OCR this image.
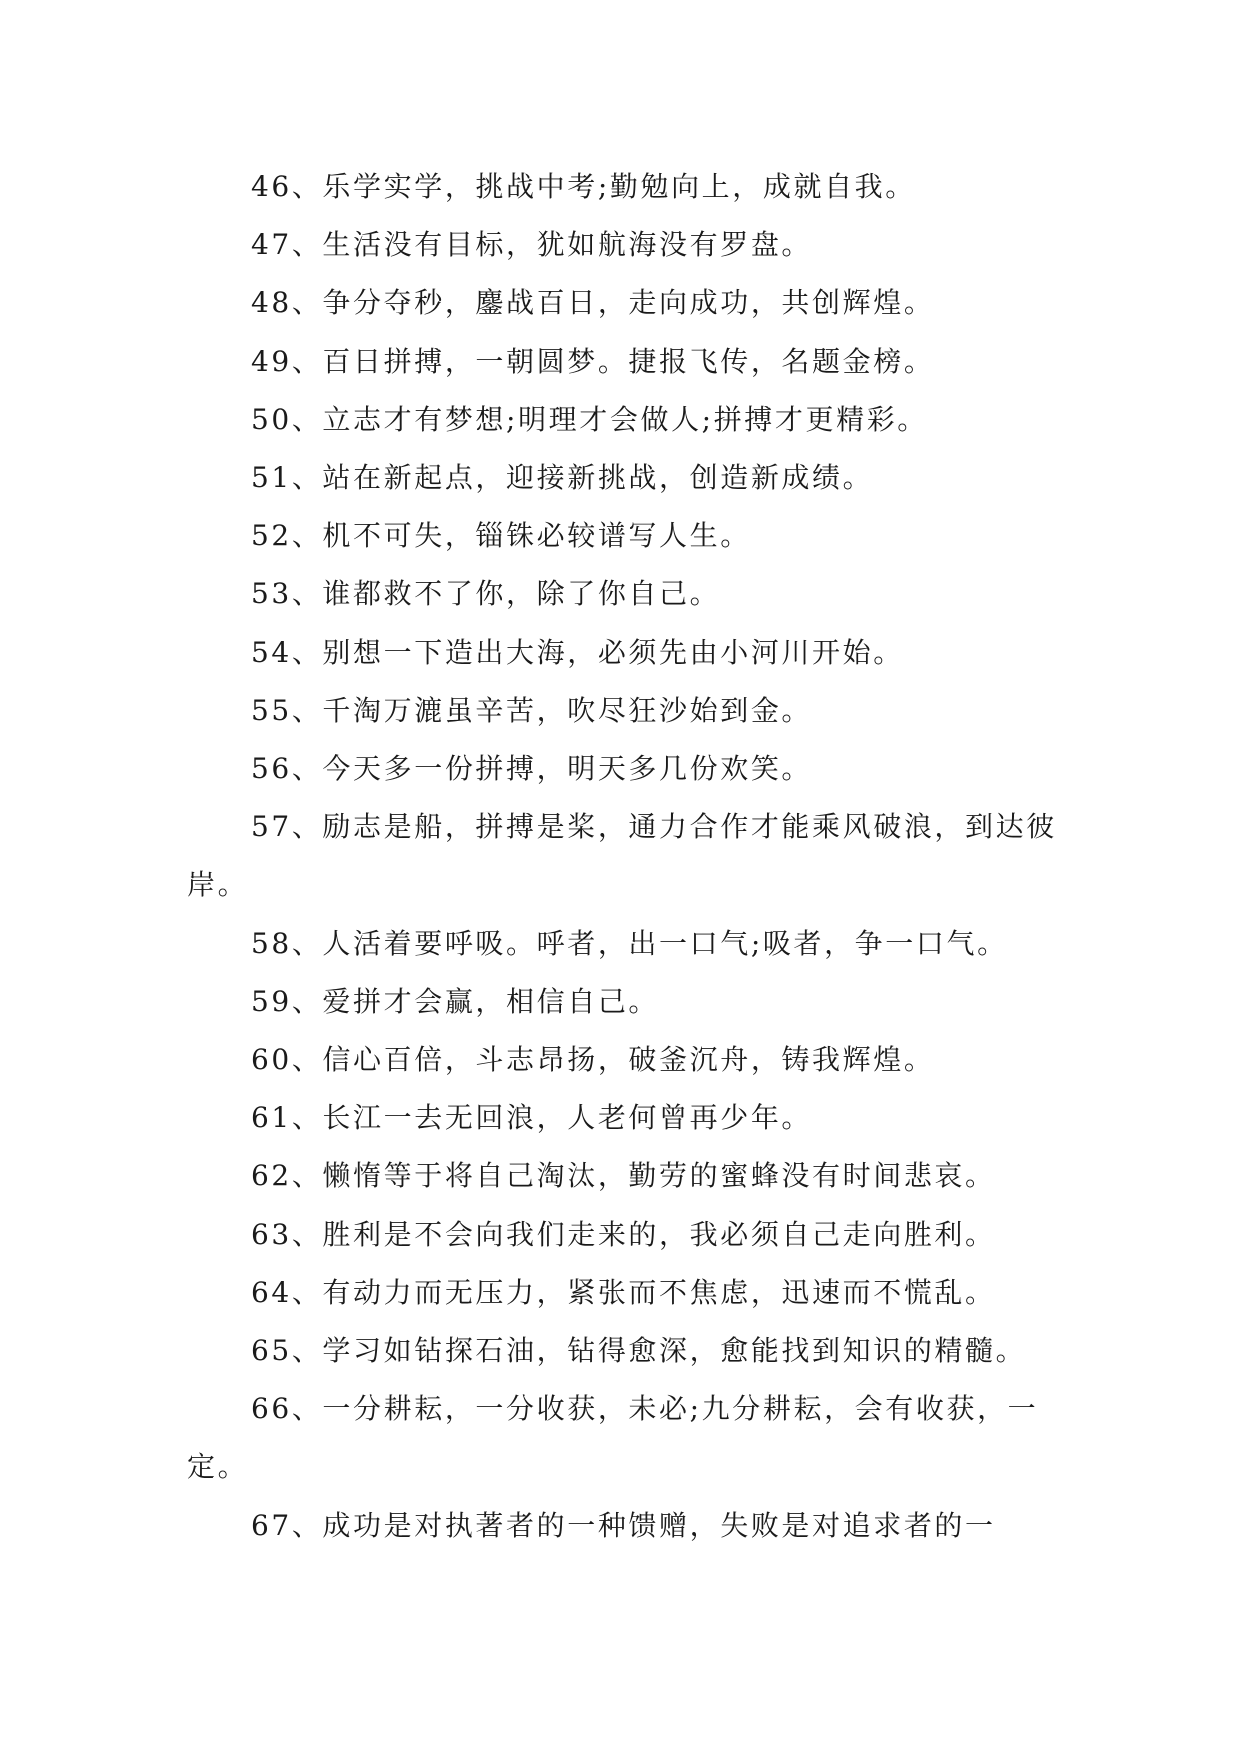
46、乐学实学，挑战中考;勤勉向上，成就自我。

47、生活没有目标，犹如航海没有罗盘。

48、争分夺秒，鏖战百日，走向成功，共创辉煌。

49、百日拼搏，一朝圆梦。捷报飞传，名题金榜。

50、立志才有梦想;明理才会做人;拼搏才更精彩。

51、站在新起点，迎接新挑战，创造新成绩。

52、机不可失，锱铢必较谱写人生。

53、谁都救不了你，除了你自己。

54、别想一下造出大海，必须先由小河川开始。

55、千淘万漉虽辛苦，吹尽狂沙始到金。

56、今天多一份拼搏，明天多几份欢笑。

57、励志是船，拼搏是桨，通力合作才能乘风破浪，到达彼岸。

58、人活着要呼吸。呼者，出一口气;吸者，争一口气。

59、爱拼才会赢，相信自己。

60、信心百倍，斗志昂扬，破釜沉舟，铸我辉煌。

61、长江一去无回浪，人老何曾再少年。

62、懒惰等于将自己淘汰，勤劳的蜜蜂没有时间悲哀。

63、胜利是不会向我们走来的，我必须自己走向胜利。

64、有动力而无压力，紧张而不焦虑，迅速而不慌乱。

65、学习如钻探石油，钻得愈深，愈能找到知识的精髓。

66、一分耕耘，一分收获，未必;九分耕耘，会有收获，一定。

67、成功是对执著者的一种馈赠，失败是对追求者的一
